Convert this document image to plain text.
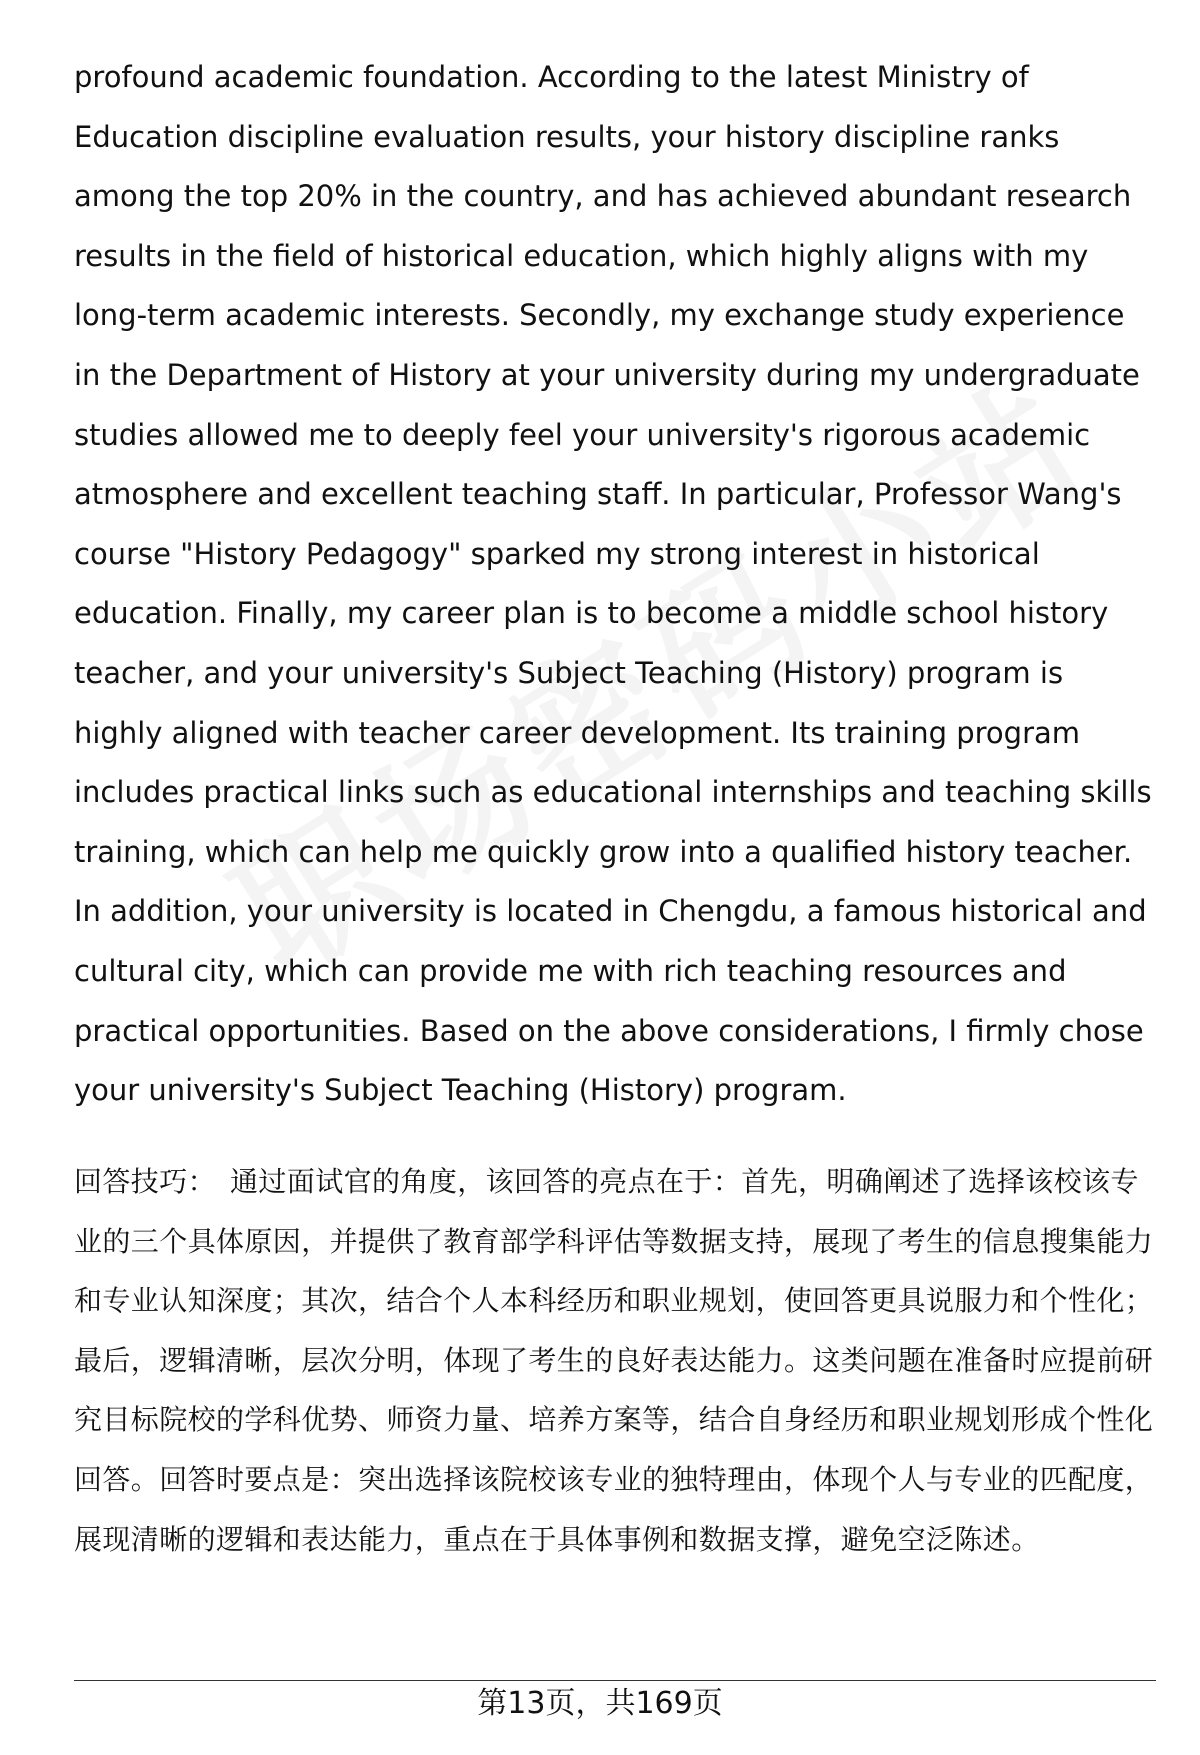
profound academic foundation. According to the latest Ministry of Education discipline evaluation results, your history discipline ranks among the top 20% in the country, and has achieved abundant research results in the field of historical education, which highly aligns with my long-term academic interests. Secondly, my exchange study experience in the Department of History at your university during my undergraduate studies allowed me to deeply feel your university's rigorous academic atmosphere and excellent teaching staff. In particular, Professor Wang's course "History Pedagogy" sparked my strong interest in historical education. Finally, my career plan is to become a middle school history teacher, and your university's Subject Teaching (History) program is highly aligned with teacher career development. Its training program includes practical links such as educational internships and teaching skills training, which can help me quickly grow into a qualified history teacher. In addition, your university is located in Chengdu, a famous historical and cultural city, which can provide me with rich teaching resources and practical opportunities. Based on the above considerations, I firmly chose your university's Subject Teaching (History) program.
回答技巧： 通过面试官的角度，该回答的亮点在于：首先，明确阐述了选择该校该专业的三个具体原因，并提供了教育部学科评估等数据支持，展现了考生的信息搜集能力和专业认知深度；其次，结合个人本科经历和职业规划，使回答更具说服力和个性化；最后，逻辑清晰，层次分明，体现了考生的良好表达能力。这类问题在准备时应提前研究目标院校的学科优势、师资力量、培养方案等，结合自身经历和职业规划形成个性化回答。回答时要点是：突出选择该院校该专业的独特理由，体现个人与专业的匹配度，展现清晰的逻辑和表达能力，重点在于具体事例和数据支撑，避免空泛陈述。
第13页，共169页
